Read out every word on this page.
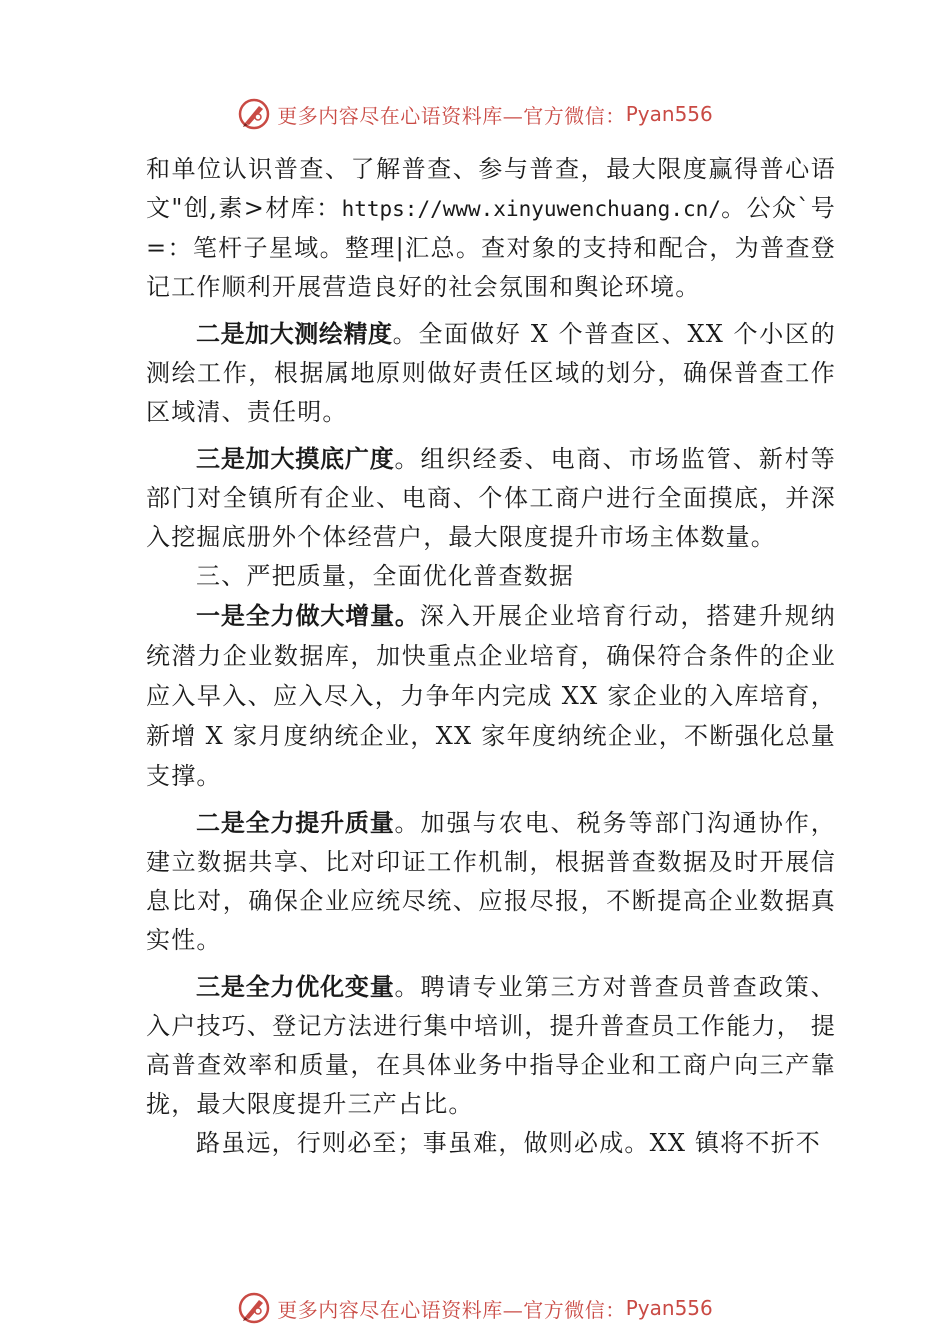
更多内容尽在心语资料库—官方微信： Pyan556

和单位认识普查、了解普查、参与普查，最大限度赢得普心语文"创,素>材库：https://www.xinyuwenchuang.cn/。公众`号=：笔杆子星域。整理|汇总。查对象的支持和配合，为普查登记工作顺利开展营造良好的社会氛围和舆论环境。

二是加大测绘精度。全面做好 X 个普查区、XX 个小区的测绘工作，根据属地原则做好责任区域的划分，确保普查工作区域清、责任明。

三是加大摸底广度。组织经委、电商、市场监管、新村等部门对全镇所有企业、电商、个体工商户进行全面摸底，并深入挖掘底册外个体经营户，最大限度提升市场主体数量。

三、严把质量，全面优化普查数据

一是全力做大增量。深入开展企业培育行动，搭建升规纳统潜力企业数据库，加快重点企业培育，确保符合条件的企业应入早入、应入尽入，力争年内完成 XX 家企业的入库培育，新增 X 家月度纳统企业，XX 家年度纳统企业，不断强化总量支撑。

二是全力提升质量。加强与农电、税务等部门沟通协作，建立数据共享、比对印证工作机制，根据普查数据及时开展信息比对，确保企业应统尽统、应报尽报，不断提高企业数据真实性。

三是全力优化变量。聘请专业第三方对普查员普查政策、入户技巧、登记方法进行集中培训，提升普查员工作能力， 提高普查效率和质量，在具体业务中指导企业和工商户向三产靠拢，最大限度提升三产占比。

路虽远，行则必至；事虽难，做则必成。XX 镇将不折不

更多内容尽在心语资料库—官方微信： Pyan556
